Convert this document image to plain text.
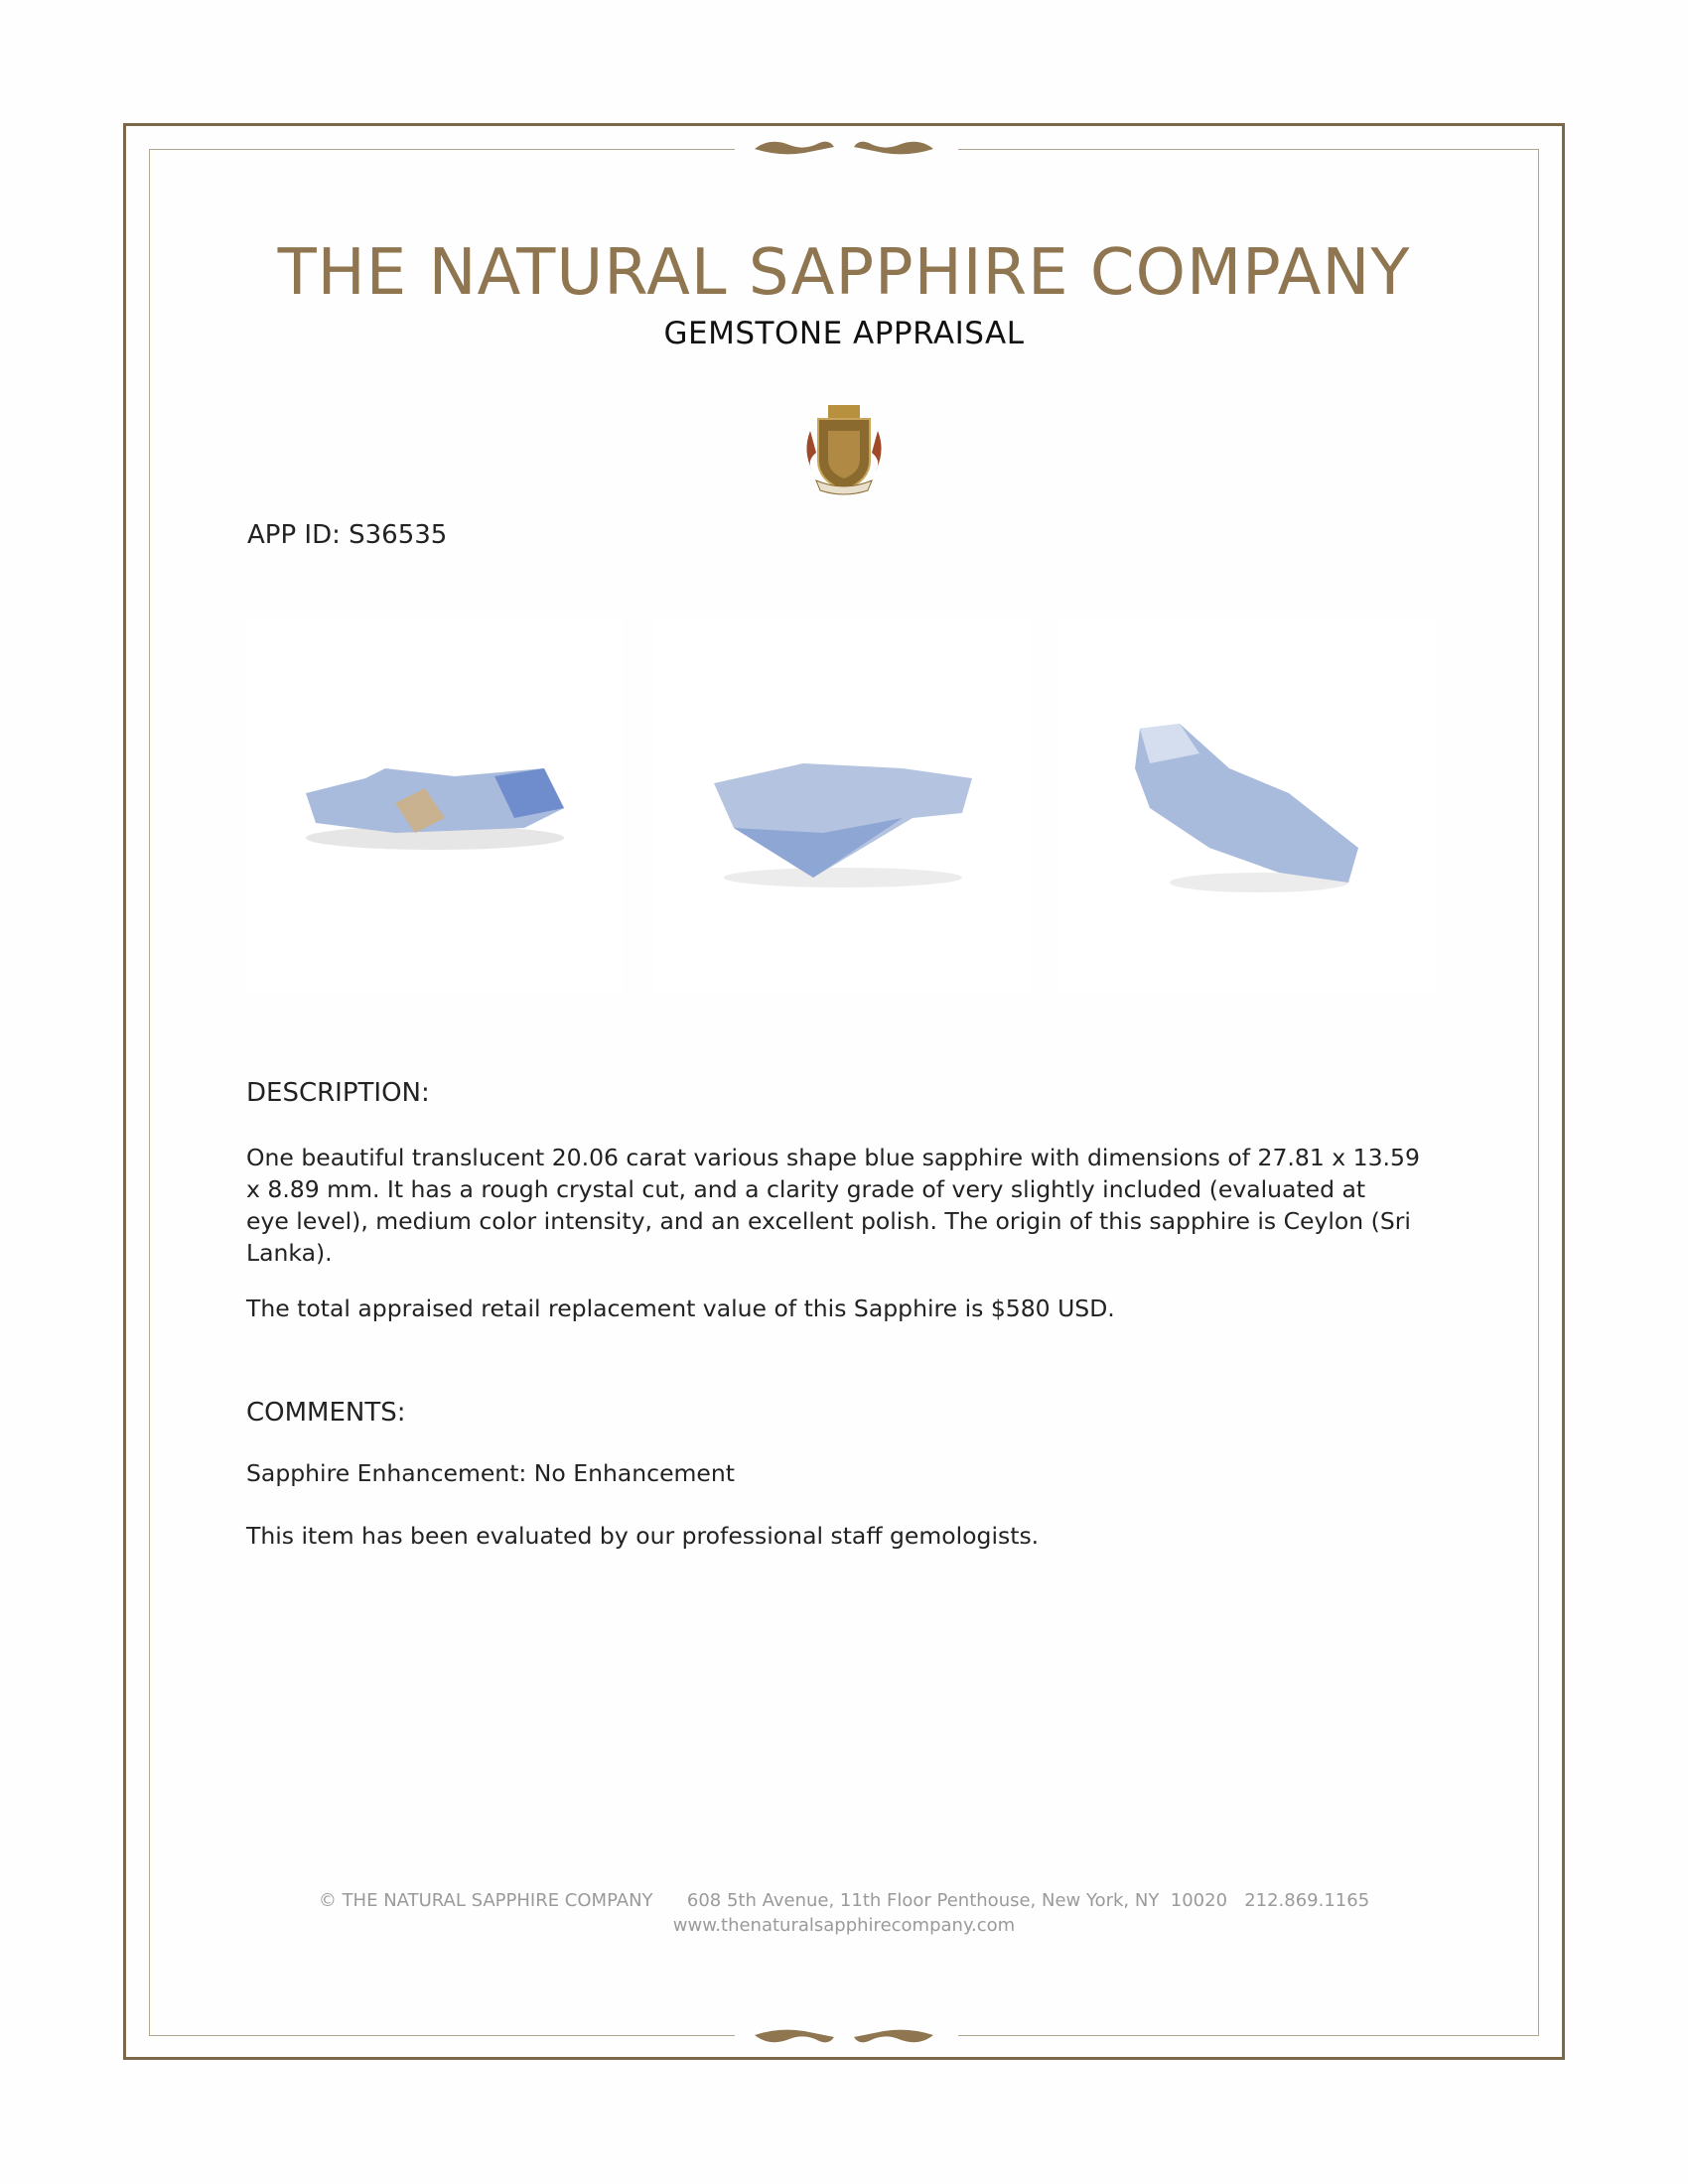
THE NATURAL SAPPHIRE COMPANY
GEMSTONE APPRAISAL
APP ID: S36535
DESCRIPTION:
One beautiful translucent 20.06 carat various shape blue sapphire with dimensions of 27.81 x 13.59
x 8.89 mm. It has a rough crystal cut, and a clarity grade of very slightly included (evaluated at
eye level), medium color intensity, and an excellent polish. The origin of this sapphire is Ceylon (Sri
Lanka).
The total appraised retail replacement value of this Sapphire is $580 USD.
COMMENTS:
Sapphire Enhancement: No Enhancement
This item has been evaluated by our professional staff gemologists.
© THE NATURAL SAPPHIRE COMPANY      608 5th Avenue, 11th Floor Penthouse, New York, NY  10020   212.869.1165
www.thenaturalsapphirecompany.com
